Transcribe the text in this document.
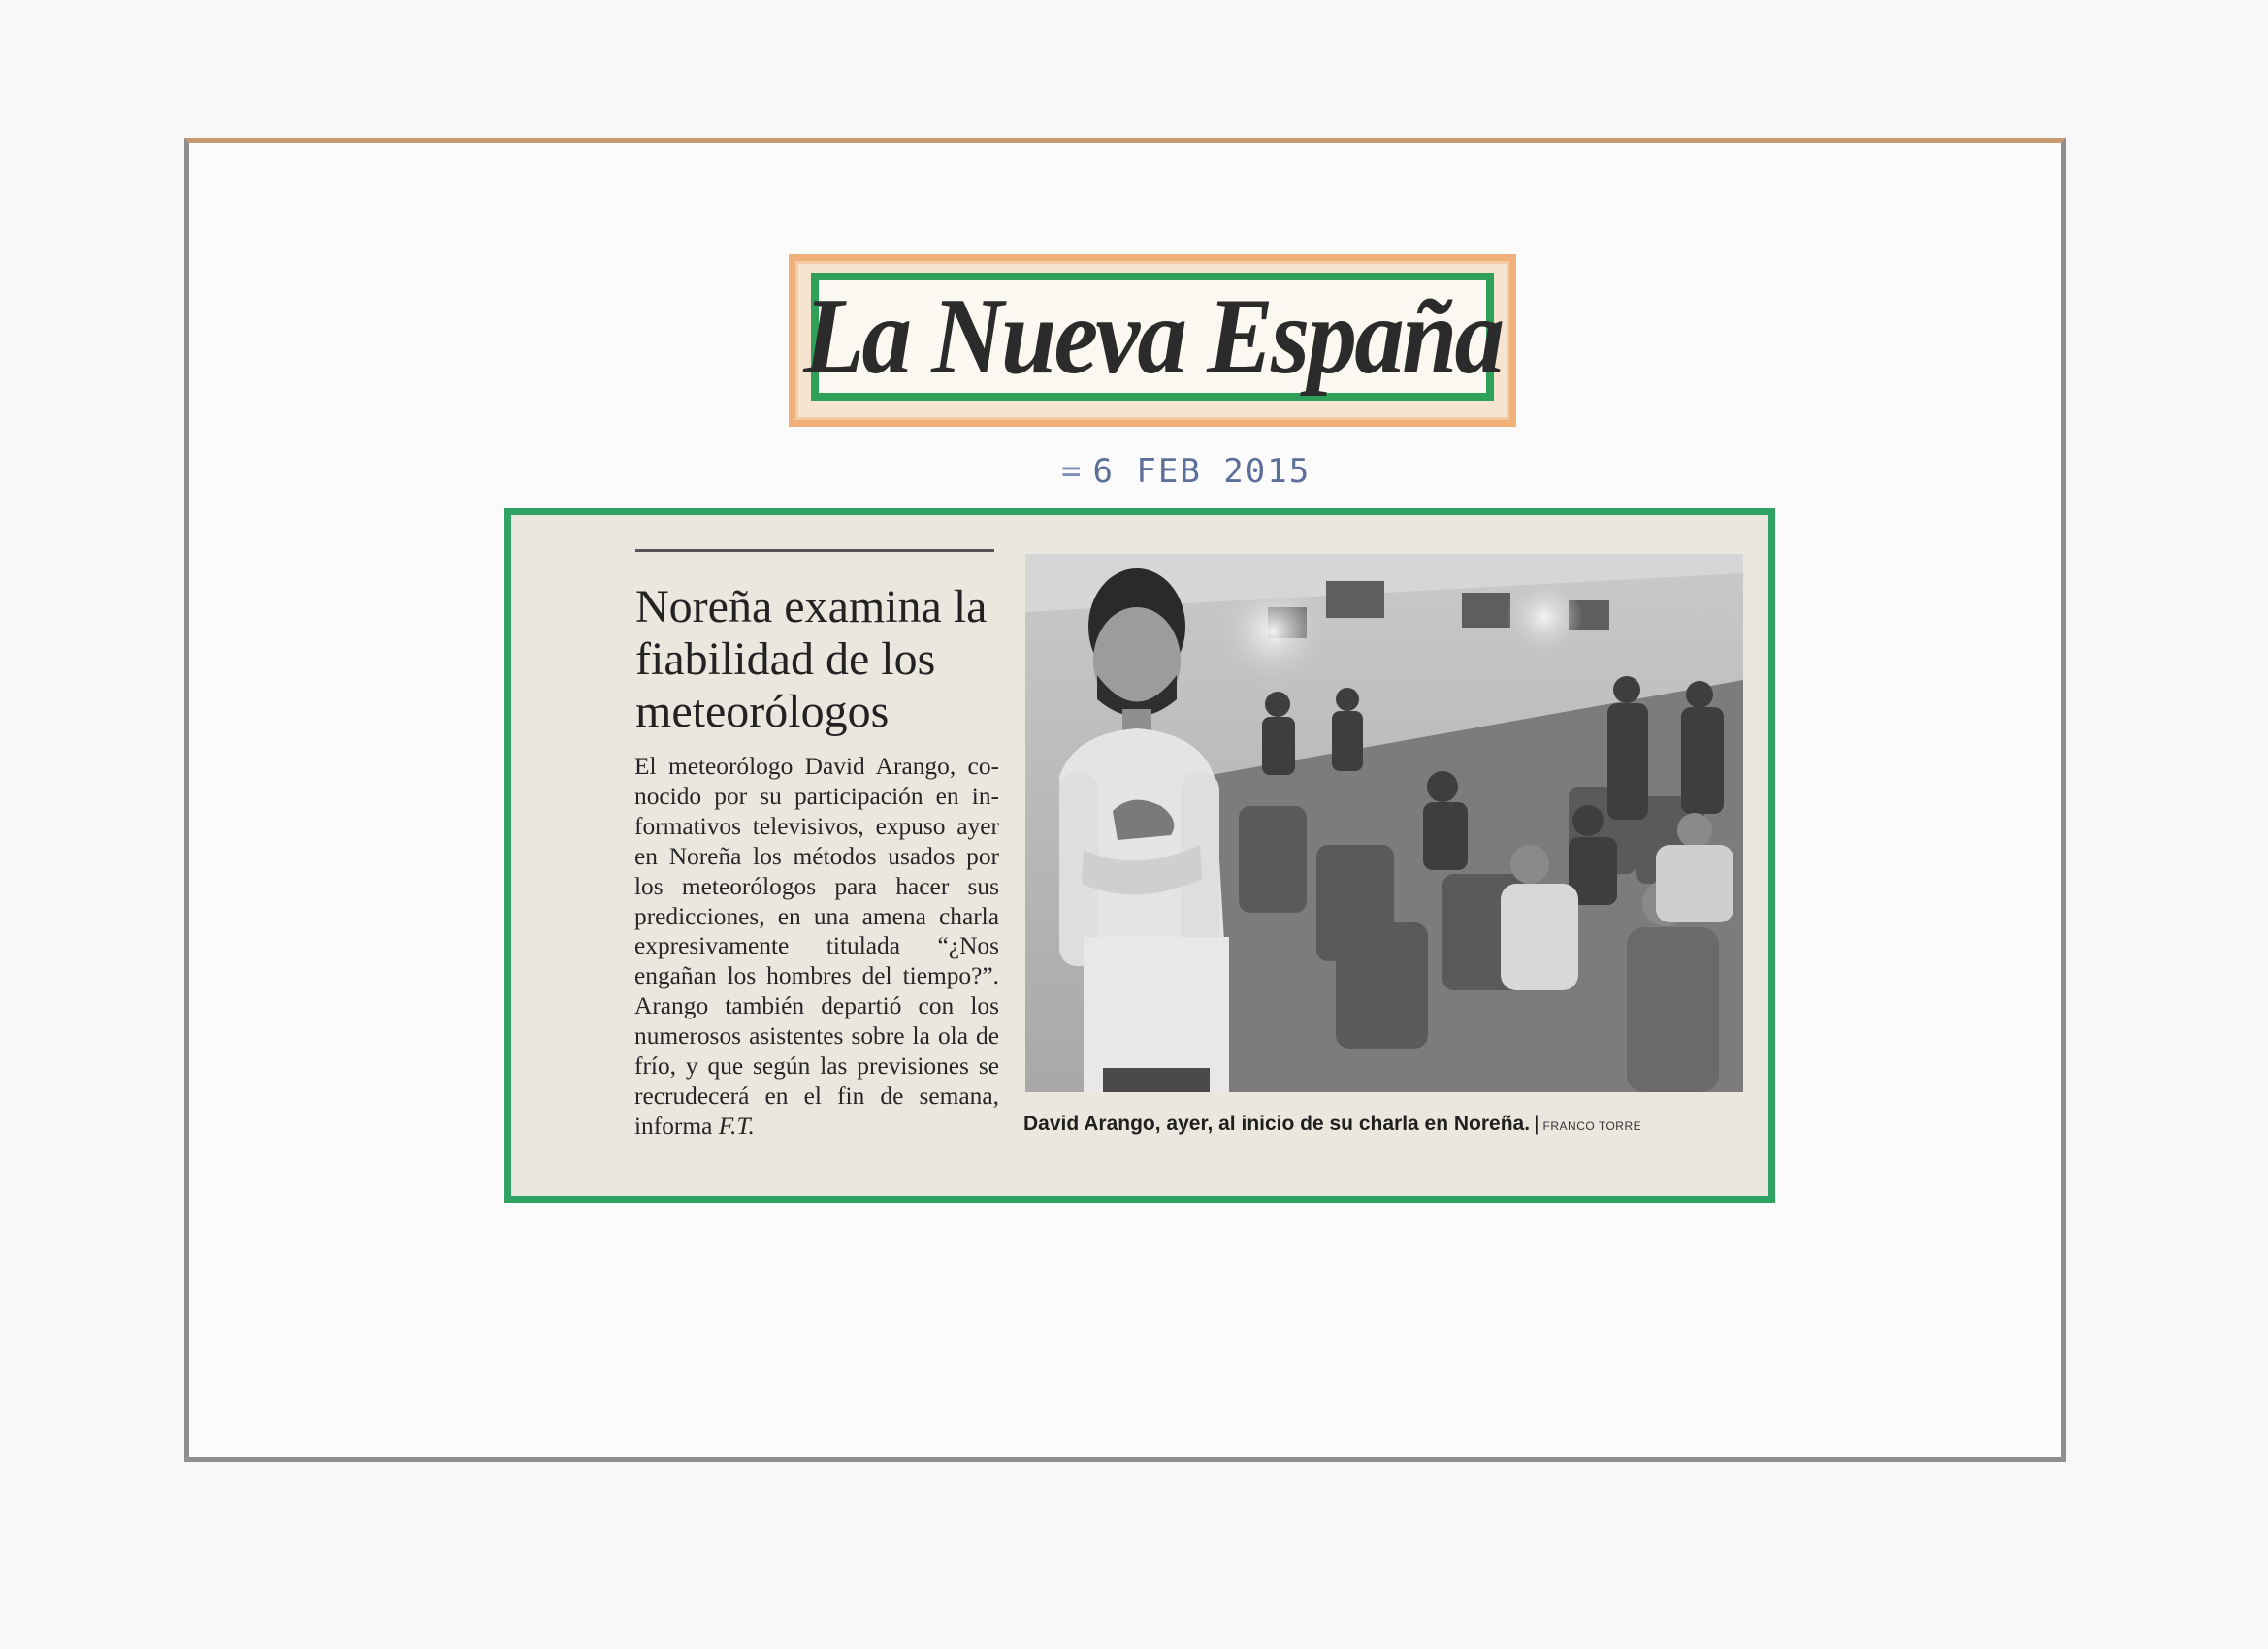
La Nueva España
= 6 FEB 2015
Noreña examina la fiabilidad de los meteorólogos

El meteorólogo David Arango, conocido por su participación en informativos televisivos, expuso ayer en Noreña los métodos usados por los meteorólogos para hacer sus predicciones, en una amena charla expresivamente titulada “¿Nos engañan los hombres del tiempo?”. Arango también departió con los numerosos asistentes sobre la ola de frío, y que según las previsiones se recrudecerá en el fin de semana, informa F.T.	David Arango, ayer, al inicio de su charla en Noreña. | FRANCO TORRE
